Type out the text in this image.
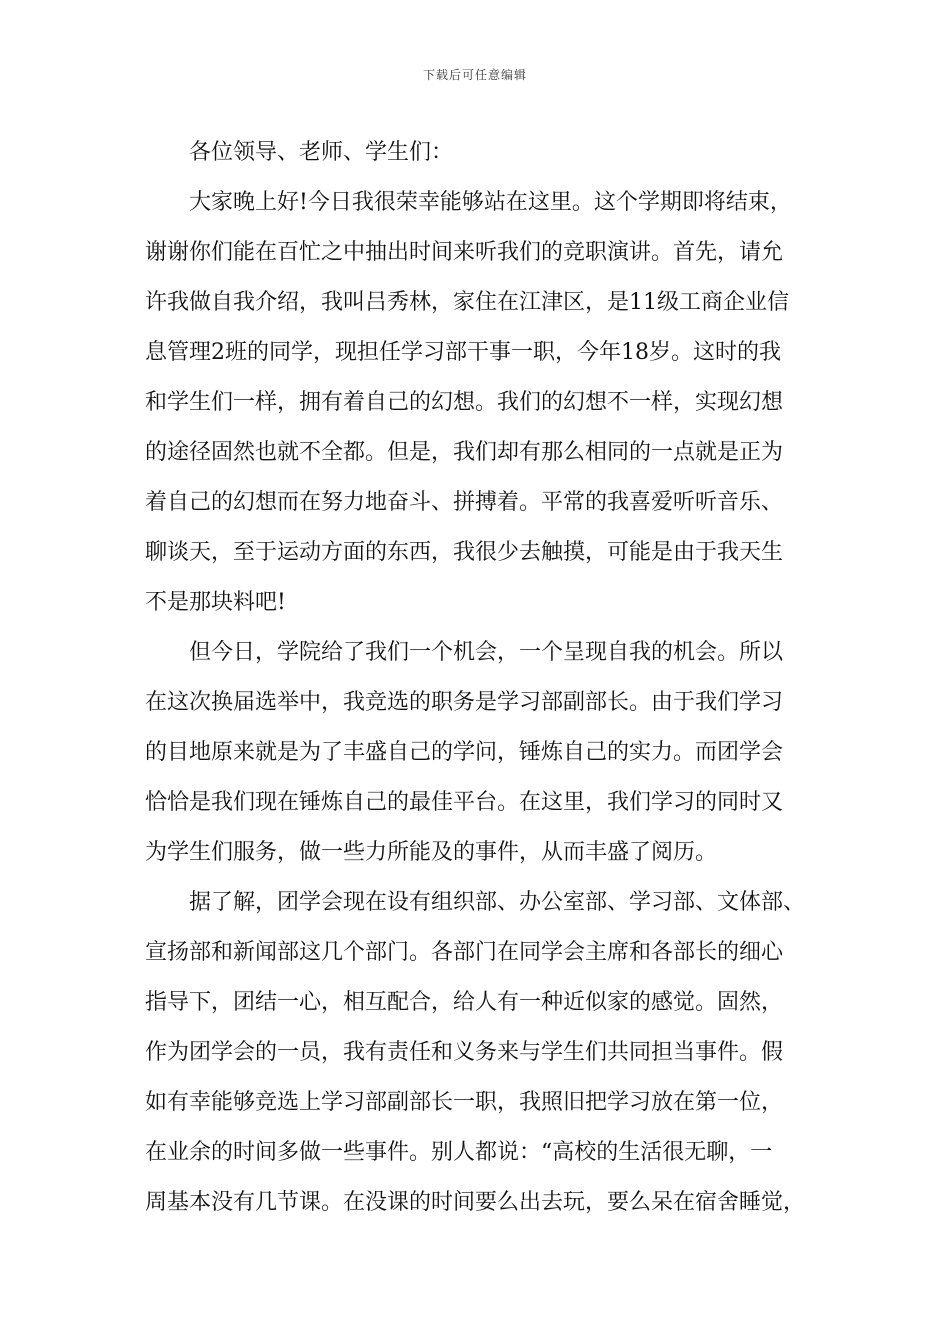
下载后可任意编辑
各位领导、老师、学生们：
大家晚上好!今日我很荣幸能够站在这里。这个学期即将结束，
谢谢你们能在百忙之中抽出时间来听我们的竞职演讲。首先，请允
许我做自我介绍，我叫吕秀林，家住在江津区，是11级工商企业信
息管理2班的同学，现担任学习部干事一职，今年18岁。这时的我
和学生们一样，拥有着自己的幻想。我们的幻想不一样，实现幻想
的途径固然也就不全都。但是，我们却有那么相同的一点就是正为
着自己的幻想而在努力地奋斗、拼搏着。平常的我喜爱听听音乐、
聊谈天，至于运动方面的东西，我很少去触摸，可能是由于我天生
不是那块料吧!
但今日，学院给了我们一个机会，一个呈现自我的机会。所以
在这次换届选举中，我竞选的职务是学习部副部长。由于我们学习
的目地原来就是为了丰盛自己的学问，锤炼自己的实力。而团学会
恰恰是我们现在锤炼自己的最佳平台。在这里，我们学习的同时又
为学生们服务，做一些力所能及的事件，从而丰盛了阅历。
据了解，团学会现在设有组织部、办公室部、学习部、文体部、
宣扬部和新闻部这几个部门。各部门在同学会主席和各部长的细心
指导下，团结一心，相互配合，给人有一种近似家的感觉。固然，
作为团学会的一员，我有责任和义务来与学生们共同担当事件。假
如有幸能够竞选上学习部副部长一职，我照旧把学习放在第一位，
在业余的时间多做一些事件。别人都说：“高校的生活很无聊，一
周基本没有几节课。在没课的时间要么出去玩，要么呆在宿舍睡觉，
